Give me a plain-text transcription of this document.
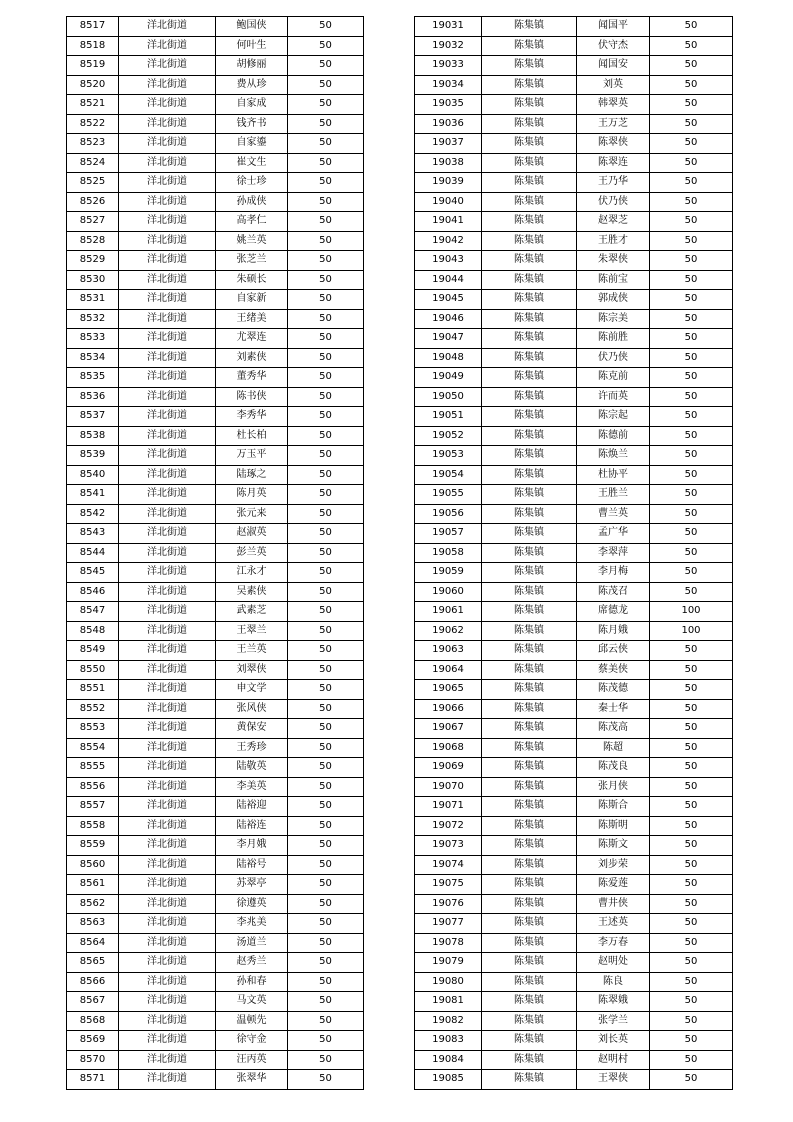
8517	洋北街道	鲍国侠	50
8518	洋北街道	何叶生	50
8519	洋北街道	胡修丽	50
8520	洋北街道	费从珍	50
8521	洋北街道	自家成	50
8522	洋北街道	钱齐书	50
8523	洋北街道	自家鎏	50
8524	洋北街道	崔文生	50
8525	洋北街道	徐士珍	50
8526	洋北街道	孙成侠	50
8527	洋北街道	高孝仁	50
8528	洋北街道	姚兰英	50
8529	洋北街道	张芝兰	50
8530	洋北街道	朱硕长	50
8531	洋北街道	自家新	50
8532	洋北街道	王绪美	50
8533	洋北街道	尤翠连	50
8534	洋北街道	刘素侠	50
8535	洋北街道	董秀华	50
8536	洋北街道	陈书侠	50
8537	洋北街道	李秀华	50
8538	洋北街道	杜长柏	50
8539	洋北街道	万玉平	50
8540	洋北街道	陆琢之	50
8541	洋北街道	陈月英	50
8542	洋北街道	张元来	50
8543	洋北街道	赵淑英	50
8544	洋北街道	彭兰英	50
8545	洋北街道	江永才	50
8546	洋北街道	吴素侠	50
8547	洋北街道	武素芝	50
8548	洋北街道	王翠兰	50
8549	洋北街道	王兰英	50
8550	洋北街道	刘翠侠	50
8551	洋北街道	申文学	50
8552	洋北街道	张风侠	50
8553	洋北街道	黄保安	50
8554	洋北街道	王秀珍	50
8555	洋北街道	陆敬英	50
8556	洋北街道	李美英	50
8557	洋北街道	陆裕迎	50
8558	洋北街道	陆裕连	50
8559	洋北街道	李月娥	50
8560	洋北街道	陆裕号	50
8561	洋北街道	苏翠亭	50
8562	洋北街道	徐遵英	50
8563	洋北街道	李兆美	50
8564	洋北街道	汤道兰	50
8565	洋北街道	赵秀兰	50
8566	洋北街道	孙和春	50
8567	洋北街道	马文英	50
8568	洋北街道	温顿先	50
8569	洋北街道	徐守金	50
8570	洋北街道	汪丙英	50
8571	洋北街道	张翠华	50
19031	陈集镇	闻国平	50
19032	陈集镇	伏守杰	50
19033	陈集镇	闻国安	50
19034	陈集镇	刘英	50
19035	陈集镇	韩翠英	50
19036	陈集镇	王万芝	50
19037	陈集镇	陈翠侠	50
19038	陈集镇	陈翠连	50
19039	陈集镇	王乃华	50
19040	陈集镇	伏乃侠	50
19041	陈集镇	赵翠芝	50
19042	陈集镇	王胜才	50
19043	陈集镇	朱翠侠	50
19044	陈集镇	陈前宝	50
19045	陈集镇	郭成侠	50
19046	陈集镇	陈宗美	50
19047	陈集镇	陈前胜	50
19048	陈集镇	伏乃侠	50
19049	陈集镇	陈克前	50
19050	陈集镇	许而英	50
19051	陈集镇	陈宗起	50
19052	陈集镇	陈德前	50
19053	陈集镇	陈焕兰	50
19054	陈集镇	杜协平	50
19055	陈集镇	王胜兰	50
19056	陈集镇	曹兰英	50
19057	陈集镇	孟广华	50
19058	陈集镇	李翠萍	50
19059	陈集镇	李月梅	50
19060	陈集镇	陈茂召	50
19061	陈集镇	席德龙	100
19062	陈集镇	陈月娥	100
19063	陈集镇	邱云侠	50
19064	陈集镇	蔡美侠	50
19065	陈集镇	陈茂德	50
19066	陈集镇	秦士华	50
19067	陈集镇	陈茂高	50
19068	陈集镇	陈超	50
19069	陈集镇	陈茂良	50
19070	陈集镇	张月侠	50
19071	陈集镇	陈斯合	50
19072	陈集镇	陈斯明	50
19073	陈集镇	陈斯文	50
19074	陈集镇	刘步荣	50
19075	陈集镇	陈爱莲	50
19076	陈集镇	曹井侠	50
19077	陈集镇	王述英	50
19078	陈集镇	李万春	50
19079	陈集镇	赵明处	50
19080	陈集镇	陈良	50
19081	陈集镇	陈翠娥	50
19082	陈集镇	张学兰	50
19083	陈集镇	刘长英	50
19084	陈集镇	赵明村	50
19085	陈集镇	王翠侠	50
